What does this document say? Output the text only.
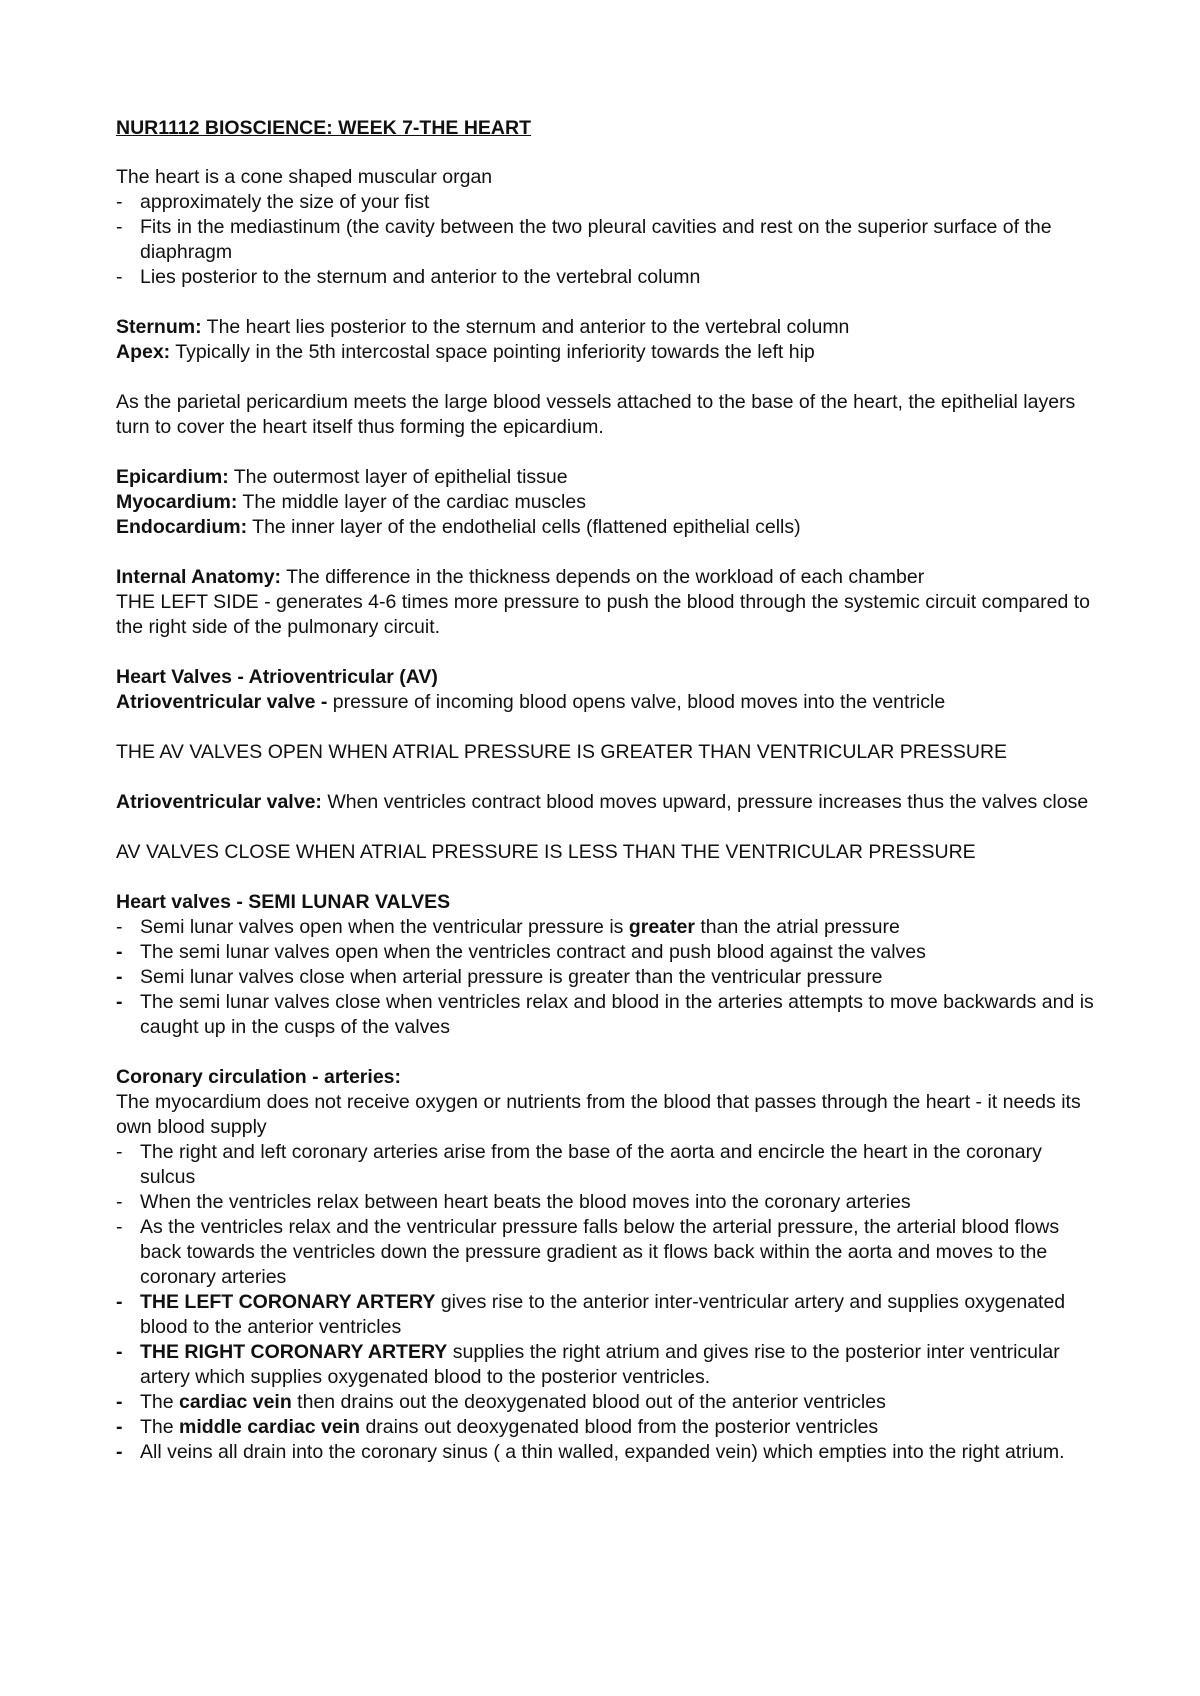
NUR1112 BIOSCIENCE: WEEK 7-THE HEART

The heart is a cone shaped muscular organ

- approximately the size of your fist
- Fits in the mediastinum (the cavity between the two pleural cavities and rest on the superior surface of the diaphragm
- Lies posterior to the sternum and anterior to the vertebral column

Sternum: The heart lies posterior to the sternum and anterior to the vertebral column

Apex: Typically in the 5th intercostal space pointing inferiority towards the left hip

As the parietal pericardium meets the large blood vessels attached to the base of the heart, the epithelial layers turn to cover the heart itself thus forming the epicardium.

Epicardium: The outermost layer of epithelial tissue

Myocardium: The middle layer of the cardiac muscles

Endocardium: The inner layer of the endothelial cells (flattened epithelial cells)

Internal Anatomy: The difference in the thickness depends on the workload of each chamber

THE LEFT SIDE - generates 4-6 times more pressure to push the blood through the systemic circuit compared to the right side of the pulmonary circuit.

Heart Valves - Atrioventricular (AV)

Atrioventricular valve - pressure of incoming blood opens valve, blood moves into the ventricle

THE AV VALVES OPEN WHEN ATRIAL PRESSURE IS GREATER THAN VENTRICULAR PRESSURE

Atrioventricular valve: When ventricles contract blood moves upward, pressure increases thus the valves close

AV VALVES CLOSE WHEN ATRIAL PRESSURE IS LESS THAN THE VENTRICULAR PRESSURE

Heart valves - SEMI LUNAR VALVES

- Semi lunar valves open when the ventricular pressure is greater than the atrial pressure
- The semi lunar valves open when the ventricles contract and push blood against the valves
- Semi lunar valves close when arterial pressure is greater than the ventricular pressure
- The semi lunar valves close when ventricles relax and blood in the arteries attempts to move backwards and is caught up in the cusps of the valves

Coronary circulation - arteries:

The myocardium does not receive oxygen or nutrients from the blood that passes through the heart - it needs its own blood supply

- The right and left coronary arteries arise from the base of the aorta and encircle the heart in the coronary sulcus
- When the ventricles relax between heart beats the blood moves into the coronary arteries
- As the ventricles relax and the ventricular pressure falls below the arterial pressure, the arterial blood flows back towards the ventricles down the pressure gradient as it flows back within the aorta and moves to the coronary arteries
- THE LEFT CORONARY ARTERY gives rise to the anterior inter-ventricular artery and supplies oxygenated blood to the anterior ventricles
- THE RIGHT CORONARY ARTERY supplies the right atrium and gives rise to the posterior inter ventricular artery which supplies oxygenated blood to the posterior ventricles.
- The cardiac vein then drains out the deoxygenated blood out of the anterior ventricles
- The middle cardiac vein drains out deoxygenated blood from the posterior ventricles
- All veins all drain into the coronary sinus ( a thin walled, expanded vein) which empties into the right atrium.
